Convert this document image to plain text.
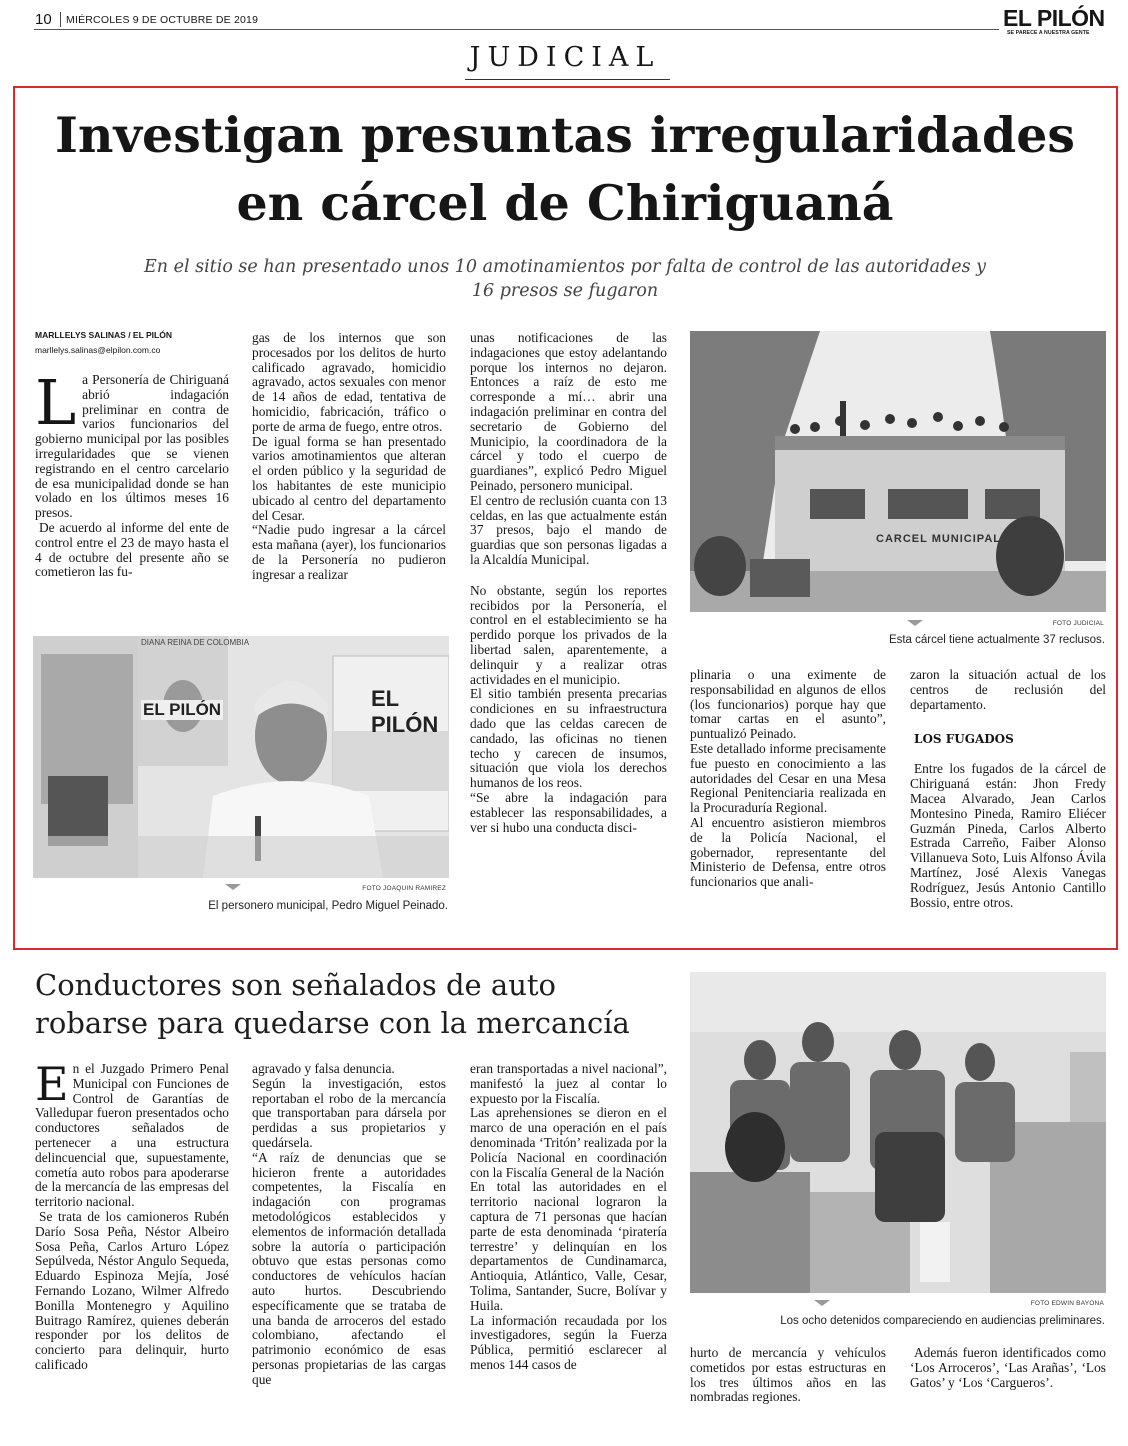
10 MIÉRCOLES 9 DE OCTUBRE DE 2019	EL PILÓN
SE PARECE A NUESTRA GENTE
JUDICIAL
Investigan presuntas irregularidades
en cárcel de Chiriguaná
En el sitio se han presentado unos 10 amotinamientos por falta de control de las autoridades y
16 presos se fugaron
MARLLELYS SALINAS / EL PILÓN
marllelys.salinas@elpilon.com.co
L a Personería de Chiriguaná abrió indagación preliminar en contra de varios funcionarios del gobierno municipal por las posibles irregularidades que se vienen registrando en el centro carcelario de esa municipalidad donde se han volado en los últimos meses 16 presos.

De acuerdo al informe del ente de control entre el 23 de mayo hasta el 4 de octubre del presente año se cometieron las fu-

gas de los internos que son procesados por los delitos de hurto calificado agravado, homicidio agravado, actos sexuales con menor de 14 años de edad, tentativa de homicidio, fabricación, tráfico o porte de arma de fuego, entre otros.
De igual forma se han presentado varios amotinamientos que alteran el orden público y la seguridad de los habitantes de este municipio ubicado al centro del departamento del Cesar.
“Nadie pudo ingresar a la cárcel esta mañana (ayer), los funcionarios de la Personería no pudieron ingresar a realizar

EL PILÓN
EL PILÓN
DIANA REINA DE COLOMBIA
FOTO JOAQUIN RAMIREZ
El personero municipal, Pedro Miguel Peinado.

unas notificaciones de las indagaciones que estoy adelantando porque los internos no dejaron. Entonces a raíz de esto me corresponde a mí… abrir una indagación preliminar en contra del secretario de Gobierno del Municipio, la coordinadora de la cárcel y todo el cuerpo de guardianes”, explicó Pedro Miguel Peinado, personero municipal.
El centro de reclusión cuanta con 13 celdas, en las que actualmente están 37 presos, bajo el mando de guardias que son personas ligadas a la Alcaldía Municipal.

No obstante, según los reportes recibidos por la Personería, el control en el establecimiento se ha perdido porque los privados de la libertad salen, aparentemente, a delinquir y a realizar otras actividades en el municipio.
El sitio también presenta precarias condiciones en su infraestructura dado que las celdas carecen de candado, las oficinas no tienen techo y carecen de insumos, situación que viola los derechos humanos de los reos.
“Se abre la indagación para establecer las responsabilidades, a ver si hubo una conducta disci-

CARCEL MUNICIPAL
FOTO JUDICIAL
Esta cárcel tiene actualmente 37 reclusos.

plinaria o una eximente de responsabilidad en algunos de ellos (los funcionarios) porque hay que tomar cartas en el asunto”, puntualizó Peinado.
Este detallado informe precisamente fue puesto en conocimiento a las autoridades del Cesar en una Mesa Regional Penitenciaria realizada en la Procuraduría Regional.
Al encuentro asistieron miembros de la Policía Nacional, el gobernador, representante del Ministerio de Defensa, entre otros funcionarios que anali-

zaron la situación actual de los centros de reclusión del departamento.

LOS FUGADOS

Entre los fugados de la cárcel de Chiriguaná están: Jhon Fredy Macea Alvarado, Jean Carlos Montesino Pineda, Ramiro Eliécer Guzmán Pineda, Carlos Alberto Estrada Carreño, Faiber Alonso Villanueva Soto, Luis Alfonso Ávila Martínez, José Alexis Vanegas Rodríguez, Jesús Antonio Cantillo Bossio, entre otros.

Conductores son señalados de auto
robarse para quedarse con la mercancía
E n el Juzgado Primero Penal Municipal con Funciones de Control de Garantías de Valledupar fueron presentados ocho conductores señalados de pertenecer a una estructura delincuencial que, supuestamente, cometía auto robos para apoderarse de la mercancía de las empresas del territorio nacional.

Se trata de los camioneros Rubén Darío Sosa Peña, Néstor Albeiro Sosa Peña, Carlos Arturo López Sepúlveda, Néstor Angulo Sequeda, Eduardo Espinoza Mejía, José Fernando Lozano, Wilmer Alfredo Bonilla Montenegro y Aquilino Buitrago Ramírez, quienes deberán responder por los delitos de concierto para delinquir, hurto calificado

agravado y falsa denuncia.
Según la investigación, estos reportaban el robo de la mercancía que transportaban para dársela por perdidas a sus propietarios y quedársela.
“A raíz de denuncias que se hicieron frente a autoridades competentes, la Fiscalía en indagación con programas metodológicos establecidos y elementos de información detallada sobre la autoría o participación obtuvo que estas personas como conductores de vehículos hacían auto hurtos. Descubriendo específicamente que se trataba de una banda de arroceros del estado colombiano, afectando el patrimonio económico de esas personas propietarias de las cargas que

eran transportadas a nivel nacional”, manifestó la juez al contar lo expuesto por la Fiscalía.
Las aprehensiones se dieron en el marco de una operación en el país denominada ‘Tritón’ realizada por la Policía Nacional en coordinación con la Fiscalía General de la Nación
En total las autoridades en el territorio nacional lograron la captura de 71 personas que hacían parte de esta denominada ‘piratería terrestre’ y delinquían en los departamentos de Cundinamarca, Antioquia, Atlántico, Valle, Cesar, Tolima, Santander, Sucre, Bolívar y Huila.
La información recaudada por los investigadores, según la Fuerza Pública, permitió esclarecer al menos 144 casos de

FOTO EDWIN BAYONA
Los ocho detenidos compareciendo en audiencias preliminares.

hurto de mercancía y vehículos cometidos por estas estructuras en los tres últimos años en las nombradas regiones.

Además fueron identificados como ‘Los Arroceros’, ‘Las Arañas’, ‘Los Gatos’ y ‘Los ‘Cargueros’.
